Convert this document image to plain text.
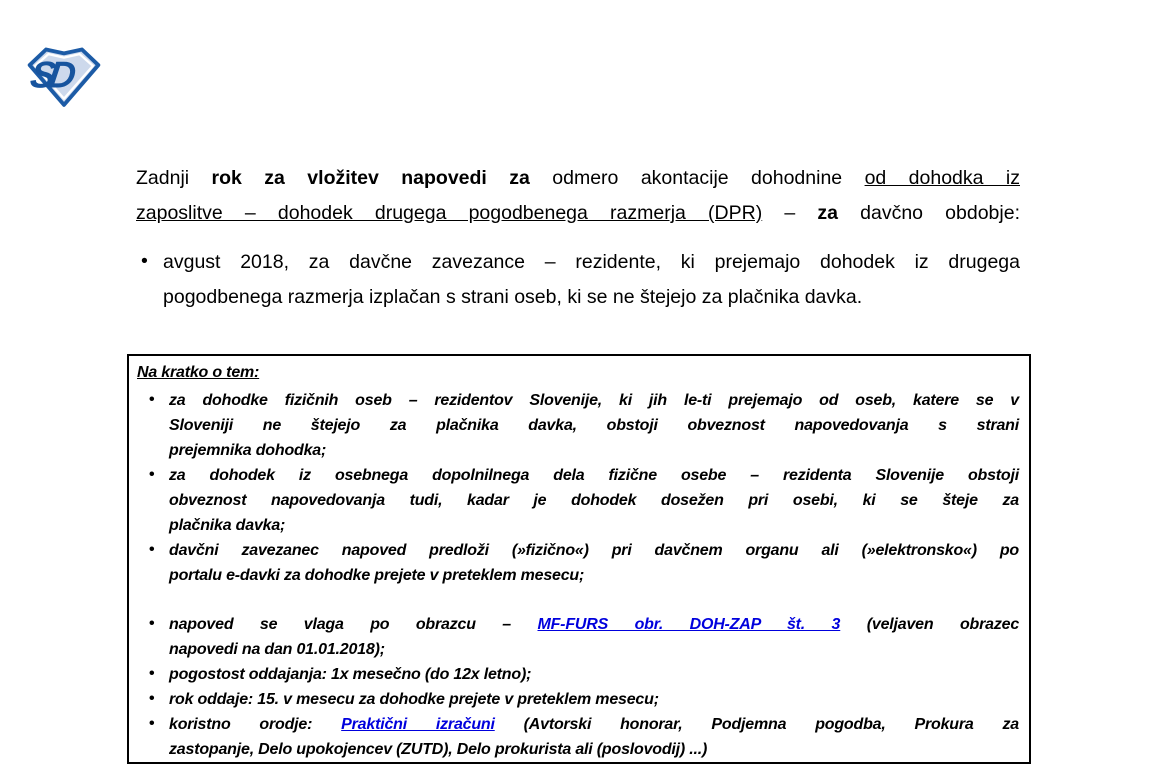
SD
Zadnji rok za vložitev napovedi za odmero akontacije dohodnine od dohodka iz
zaposlitve – dohodek drugega pogodbenega razmerja (DPR) – za davčno obdobje:
• avgust 2018, za davčne zavezance – rezidente, ki prejemajo dohodek iz drugega
pogodbenega razmerja izplačan s strani oseb, ki se ne štejejo za plačnika davka.
Na kratko o tem:
• za dohodke fizičnih oseb – rezidentov Slovenije, ki jih le-ti prejemajo od oseb, katere se v
Sloveniji ne štejejo za plačnika davka, obstoji obveznost napovedovanja s strani
prejemnika dohodka;
• za dohodek iz osebnega dopolnilnega dela fizične osebe – rezidenta Slovenije obstoji
obveznost napovedovanja tudi, kadar je dohodek dosežen pri osebi, ki se šteje za
plačnika davka;
• davčni zavezanec napoved predloži (»fizično«) pri davčnem organu ali (»elektronsko«) po
portalu e-davki za dohodke prejete v preteklem mesecu;
• napoved se vlaga po obrazcu – MF-FURS obr. DOH-ZAP št. 3 (veljaven obrazec
napovedi na dan 01.01.2018);
• pogostost oddajanja: 1x mesečno (do 12x letno);
• rok oddaje: 15. v mesecu za dohodke prejete v preteklem mesecu;
• koristno orodje: Praktični izračuni (Avtorski honorar, Podjemna pogodba, Prokura za
zastopanje, Delo upokojencev (ZUTD), Delo prokurista ali (poslovodij) ...)
